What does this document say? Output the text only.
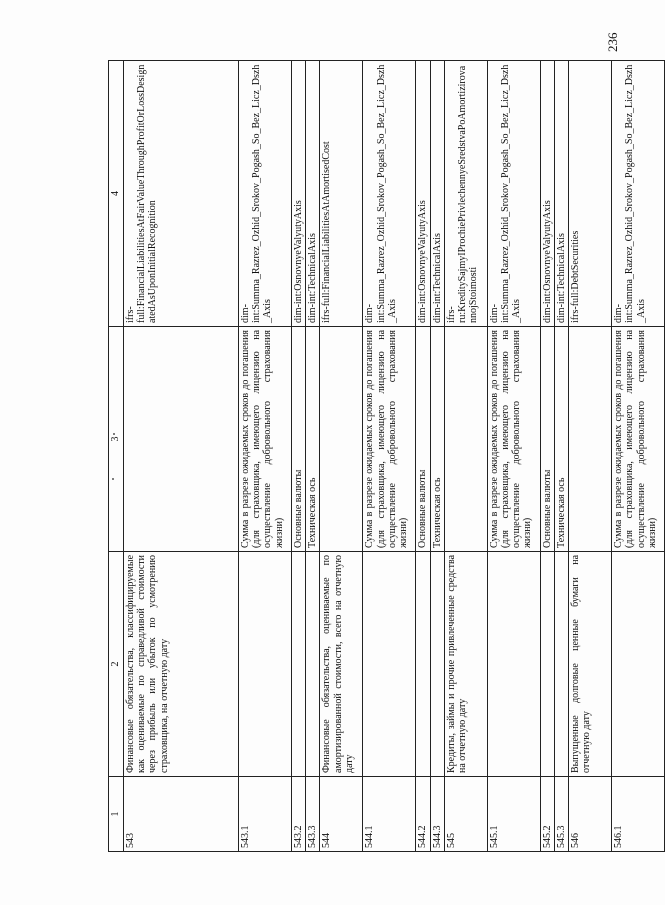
236
1	2	3	4
543	Финансовые обязательства, классифицируемые как оцениваемые по справедливой стоимости через прибыль или убыток по усмотрению страховщика, на отчетную дату		ifrs-full:FinancialLiabilitiesAtFairValueThroughProfitOrLossDesignatedAsUponInitialRecognition
543.1		Сумма в разрезе ожидаемых сроков до погашения (для страховщика, имеющего лицензию на осуществление добровольного страхования жизни)	dim-int:Summa_Razrez_Ozhid_Srokov_Pogash_So_Bez_Licz_Dszh_Axis
543.2		Основные валюты	dim-int:OsnovnyeValyutyAxis
543.3		Техническая ось	dim-int:TechnicalAxis
544	Финансовые обязательства, оцениваемые по амортизированной стоимости, всего на отчетную дату		ifrs-full:FinancialLiabilitiesAtAmortisedCost
544.1		Сумма в разрезе ожидаемых сроков до погашения (для страховщика, имеющего лицензию на осуществление добровольного страхования жизни)	dim-int:Summa_Razrez_Ozhid_Srokov_Pogash_So_Bez_Licz_Dszh_Axis
544.2		Основные валюты	dim-int:OsnovnyeValyutyAxis
544.3		Техническая ось	dim-int:TechnicalAxis
545	Кредиты, займы и прочие привлеченные средства на отчетную дату		ifrs-ru:KreditySajmyIProchiePrivlechennyeSredstvaPoAmortizirovannojStoimosti
545.1		Сумма в разрезе ожидаемых сроков до погашения (для страховщика, имеющего лицензию на осуществление добровольного страхования жизни)	dim-int:Summa_Razrez_Ozhid_Srokov_Pogash_So_Bez_Licz_Dszh_Axis
545.2		Основные валюты	dim-int:OsnovnyeValyutyAxis
545.3		Техническая ось	dim-int:TechnicalAxis
546	Выпущенные долговые ценные бумаги на отчетную дату		ifrs-full:DebtSecurities
546.1		Сумма в разрезе ожидаемых сроков до погашения (для страховщика, имеющего лицензию на осуществление добровольного страхования жизни)	dim-int:Summa_Razrez_Ozhid_Srokov_Pogash_So_Bez_Licz_Dszh_Axis
